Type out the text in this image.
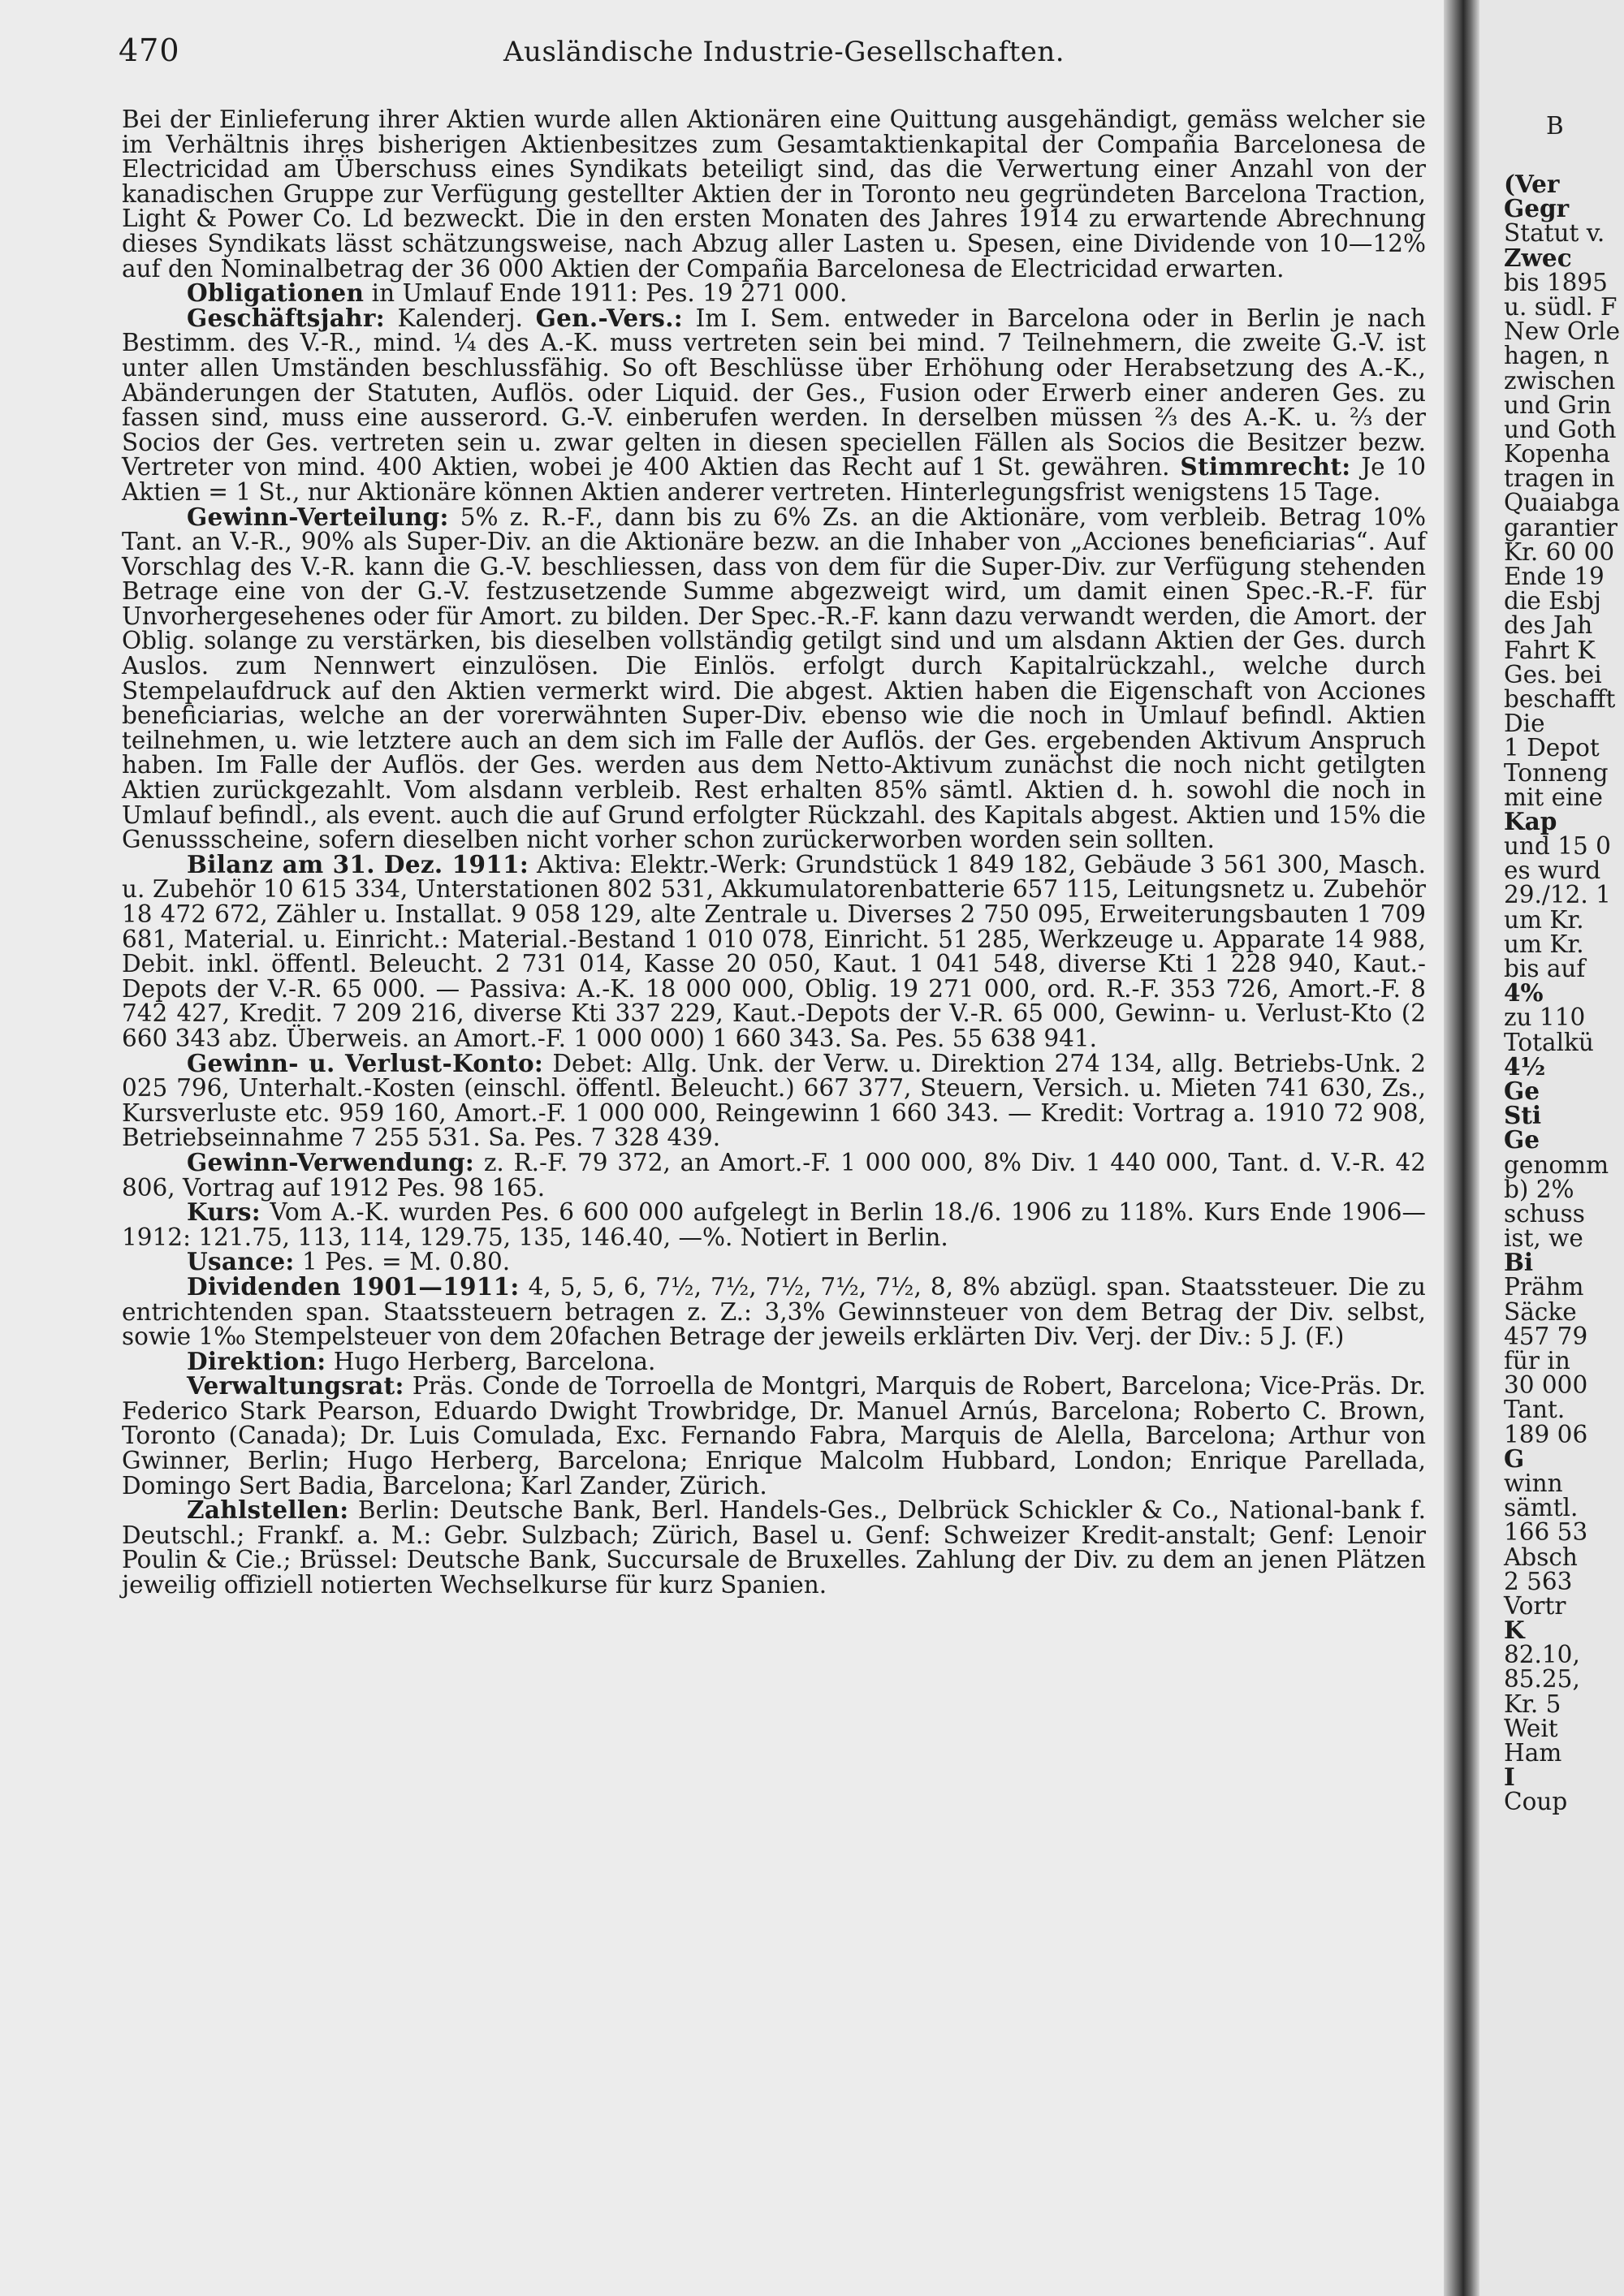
470	Ausländische Industrie-Gesellschaften.

Bei der Einlieferung ihrer Aktien wurde allen Aktionären eine Quittung ausgehändigt, gemäss welcher sie im Verhältnis ihres bisherigen Aktienbesitzes zum Gesamtaktienkapital der Compañia Barcelonesa de Electricidad am Überschuss eines Syndikats beteiligt sind, das die Verwertung einer Anzahl von der kanadischen Gruppe zur Verfügung gestellter Aktien der in Toronto neu gegründeten Barcelona Traction, Light & Power Co. Ld bezweckt. Die in den ersten Monaten des Jahres 1914 zu erwartende Abrechnung dieses Syndikats lässt schätzungsweise, nach Abzug aller Lasten u. Spesen, eine Dividende von 10—12% auf den Nominalbetrag der 36 000 Aktien der Compañia Barcelonesa de Electricidad erwarten.

Obligationen in Umlauf Ende 1911: Pes. 19 271 000.

Geschäftsjahr: Kalenderj. Gen.-Vers.: Im I. Sem. entweder in Barcelona oder in Berlin je nach Bestimm. des V.-R., mind. ¼ des A.-K. muss vertreten sein bei mind. 7 Teilnehmern, die zweite G.-V. ist unter allen Umständen beschlussfähig. So oft Beschlüsse über Erhöhung oder Herabsetzung des A.-K., Abänderungen der Statuten, Auflös. oder Liquid. der Ges., Fusion oder Erwerb einer anderen Ges. zu fassen sind, muss eine ausserord. G.-V. einberufen werden. In derselben müssen ⅔ des A.-K. u. ⅔ der Socios der Ges. vertreten sein u. zwar gelten in diesen speciellen Fällen als Socios die Besitzer bezw. Vertreter von mind. 400 Aktien, wobei je 400 Aktien das Recht auf 1 St. gewähren. Stimmrecht: Je 10 Aktien = 1 St., nur Aktionäre können Aktien anderer vertreten. Hinterlegungsfrist wenigstens 15 Tage.

Gewinn-Verteilung: 5% z. R.-F., dann bis zu 6% Zs. an die Aktionäre, vom verbleib. Betrag 10% Tant. an V.-R., 90% als Super-Div. an die Aktionäre bezw. an die Inhaber von „Acciones beneficiarias“. Auf Vorschlag des V.-R. kann die G.-V. beschliessen, dass von dem für die Super-Div. zur Verfügung stehenden Betrage eine von der G.-V. festzusetzende Summe abgezweigt wird, um damit einen Spec.-R.-F. für Unvorhergesehenes oder für Amort. zu bilden. Der Spec.-R.-F. kann dazu verwandt werden, die Amort. der Oblig. solange zu verstärken, bis dieselben vollständig getilgt sind und um alsdann Aktien der Ges. durch Auslos. zum Nennwert einzulösen. Die Einlös. erfolgt durch Kapitalrückzahl., welche durch Stempelaufdruck auf den Aktien vermerkt wird. Die abgest. Aktien haben die Eigenschaft von Acciones beneficiarias, welche an der vorerwähnten Super-Div. ebenso wie die noch in Umlauf befindl. Aktien teilnehmen, u. wie letztere auch an dem sich im Falle der Auflös. der Ges. ergebenden Aktivum Anspruch haben. Im Falle der Auflös. der Ges. werden aus dem Netto-Aktivum zunächst die noch nicht getilgten Aktien zurückgezahlt. Vom alsdann verbleib. Rest erhalten 85% sämtl. Aktien d. h. sowohl die noch in Umlauf befindl., als event. auch die auf Grund erfolgter Rückzahl. des Kapitals abgest. Aktien und 15% die Genussscheine, sofern dieselben nicht vorher schon zurückerworben worden sein sollten.

Bilanz am 31. Dez. 1911: Aktiva: Elektr.-Werk: Grundstück 1 849 182, Gebäude 3 561 300, Masch. u. Zubehör 10 615 334, Unterstationen 802 531, Akkumulatorenbatterie 657 115, Leitungsnetz u. Zubehör 18 472 672, Zähler u. Installat. 9 058 129, alte Zentrale u. Diverses 2 750 095, Erweiterungsbauten 1 709 681, Material. u. Einricht.: Material.-Bestand 1 010 078, Einricht. 51 285, Werkzeuge u. Apparate 14 988, Debit. inkl. öffentl. Beleucht. 2 731 014, Kasse 20 050, Kaut. 1 041 548, diverse Kti 1 228 940, Kaut.-Depots der V.-R. 65 000. — Passiva: A.-K. 18 000 000, Oblig. 19 271 000, ord. R.-F. 353 726, Amort.-F. 8 742 427, Kredit. 7 209 216, diverse Kti 337 229, Kaut.-Depots der V.-R. 65 000, Gewinn- u. Verlust-Kto (2 660 343 abz. Überweis. an Amort.-F. 1 000 000) 1 660 343. Sa. Pes. 55 638 941.

Gewinn- u. Verlust-Konto: Debet: Allg. Unk. der Verw. u. Direktion 274 134, allg. Betriebs-Unk. 2 025 796, Unterhalt.-Kosten (einschl. öffentl. Beleucht.) 667 377, Steuern, Versich. u. Mieten 741 630, Zs., Kursverluste etc. 959 160, Amort.-F. 1 000 000, Reingewinn 1 660 343. — Kredit: Vortrag a. 1910 72 908, Betriebseinnahme 7 255 531. Sa. Pes. 7 328 439.

Gewinn-Verwendung: z. R.-F. 79 372, an Amort.-F. 1 000 000, 8% Div. 1 440 000, Tant. d. V.-R. 42 806, Vortrag auf 1912 Pes. 98 165.

Kurs: Vom A.-K. wurden Pes. 6 600 000 aufgelegt in Berlin 18./6. 1906 zu 118%. Kurs Ende 1906—1912: 121.75, 113, 114, 129.75, 135, 146.40, —%. Notiert in Berlin.

Usance: 1 Pes. = M. 0.80.

Dividenden 1901—1911: 4, 5, 5, 6, 7½, 7½, 7½, 7½, 7½, 8, 8% abzügl. span. Staatssteuer. Die zu entrichtenden span. Staatssteuern betragen z. Z.: 3,3% Gewinnsteuer von dem Betrag der Div. selbst, sowie 1‰ Stempelsteuer von dem 20fachen Betrage der jeweils erklärten Div. Verj. der Div.: 5 J. (F.)

Direktion: Hugo Herberg, Barcelona.

Verwaltungsrat: Präs. Conde de Torroella de Montgri, Marquis de Robert, Barcelona; Vice-Präs. Dr. Federico Stark Pearson, Eduardo Dwight Trowbridge, Dr. Manuel Arnús, Barcelona; Roberto C. Brown, Toronto (Canada); Dr. Luis Comulada, Exc. Fernando Fabra, Marquis de Alella, Barcelona; Arthur von Gwinner, Berlin; Hugo Herberg, Barcelona; Enrique Malcolm Hubbard, London; Enrique Parellada, Domingo Sert Badia, Barcelona; Karl Zander, Zürich.

Zahlstellen: Berlin: Deutsche Bank, Berl. Handels-Ges., Delbrück Schickler & Co., National-bank f. Deutschl.; Frankf. a. M.: Gebr. Sulzbach; Zürich, Basel u. Genf: Schweizer Kredit-anstalt; Genf: Lenoir Poulin & Cie.; Brüssel: Deutsche Bank, Succursale de Bruxelles. Zahlung der Div. zu dem an jenen Plätzen jeweilig offiziell notierten Wechselkurse für kurz Spanien.

B
(Ver
Gegr
Statut v.
Zwec
bis 1895
u. südl. F
New Orle
hagen, n
zwischen
und Grin
und Goth
Kopenha
tragen in
Quaiabga
garantier
Kr. 60 00
Ende 19
die Esbj
des Jah
Fahrt K
Ges. bei
beschafft
Die
1 Depot
Tonneng
mit eine
Kap
und 15 0
es wurd
29./12. 1
um Kr.
um Kr.
bis auf
4%
zu 110
Totalkü
4½
Ge
Sti
Ge
genomm
b) 2%
schuss
ist, we
Bi
Prähm
Säcke
457 79
für in
30 000
Tant.
189 06
G
winn
sämtl.
166 53
Absch
2 563
Vortr
K
82.10,
85.25,
Kr. 5
Weit
Ham
I
Coup
